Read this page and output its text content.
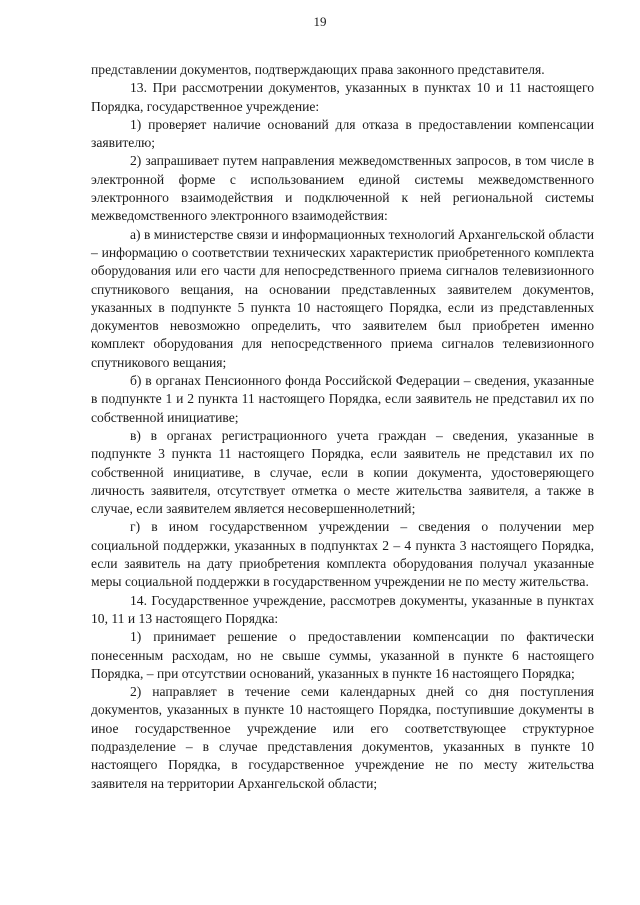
19

представлении документов, подтверждающих права законного представителя.

13. При рассмотрении документов, указанных в пунктах 10 и 11 настоящего Порядка, государственное учреждение:

1) проверяет наличие оснований для отказа в предоставлении компенсации заявителю;

2) запрашивает путем направления межведомственных запросов, в том числе в электронной форме с использованием единой системы межведомственного электронного взаимодействия и подключенной к ней региональной системы межведомственного электронного взаимодействия:

а) в министерстве связи и информационных технологий Архангельской области – информацию о соответствии технических характеристик приобретенного комплекта оборудования или его части для непосредственного приема сигналов телевизионного спутникового вещания, на основании представленных заявителем документов, указанных в подпункте 5 пункта 10 настоящего Порядка, если из представленных документов невозможно определить, что заявителем был приобретен именно комплект оборудования для непосредственного приема сигналов телевизионного спутникового вещания;

б) в органах Пенсионного фонда Российской Федерации – сведения, указанные в подпункте 1 и 2 пункта 11 настоящего Порядка, если заявитель не представил их по собственной инициативе;

в) в органах регистрационного учета граждан – сведения, указанные в подпункте 3 пункта 11 настоящего Порядка, если заявитель не представил их по собственной инициативе, в случае, если в копии документа, удостоверяющего личность заявителя, отсутствует отметка о месте жительства заявителя, а также в случае, если заявителем является несовершеннолетний;

г) в ином государственном учреждении – сведения о получении мер социальной поддержки, указанных в подпунктах 2 – 4 пункта 3 настоящего Порядка, если заявитель на дату приобретения комплекта оборудования получал указанные меры социальной поддержки в государственном учреждении не по месту жительства.

14. Государственное учреждение, рассмотрев документы, указанные в пунктах 10, 11 и 13 настоящего Порядка:

1) принимает решение о предоставлении компенсации по фактически понесенным расходам, но не свыше суммы, указанной в пункте 6 настоящего Порядка, – при отсутствии оснований, указанных в пункте 16 настоящего Порядка;

2) направляет в течение семи календарных дней со дня поступления документов, указанных в пункте 10 настоящего Порядка, поступившие документы в иное государственное учреждение или его соответствующее структурное подразделение – в случае представления документов, указанных в пункте 10 настоящего Порядка, в государственное учреждение не по месту жительства заявителя на территории Архангельской области;
